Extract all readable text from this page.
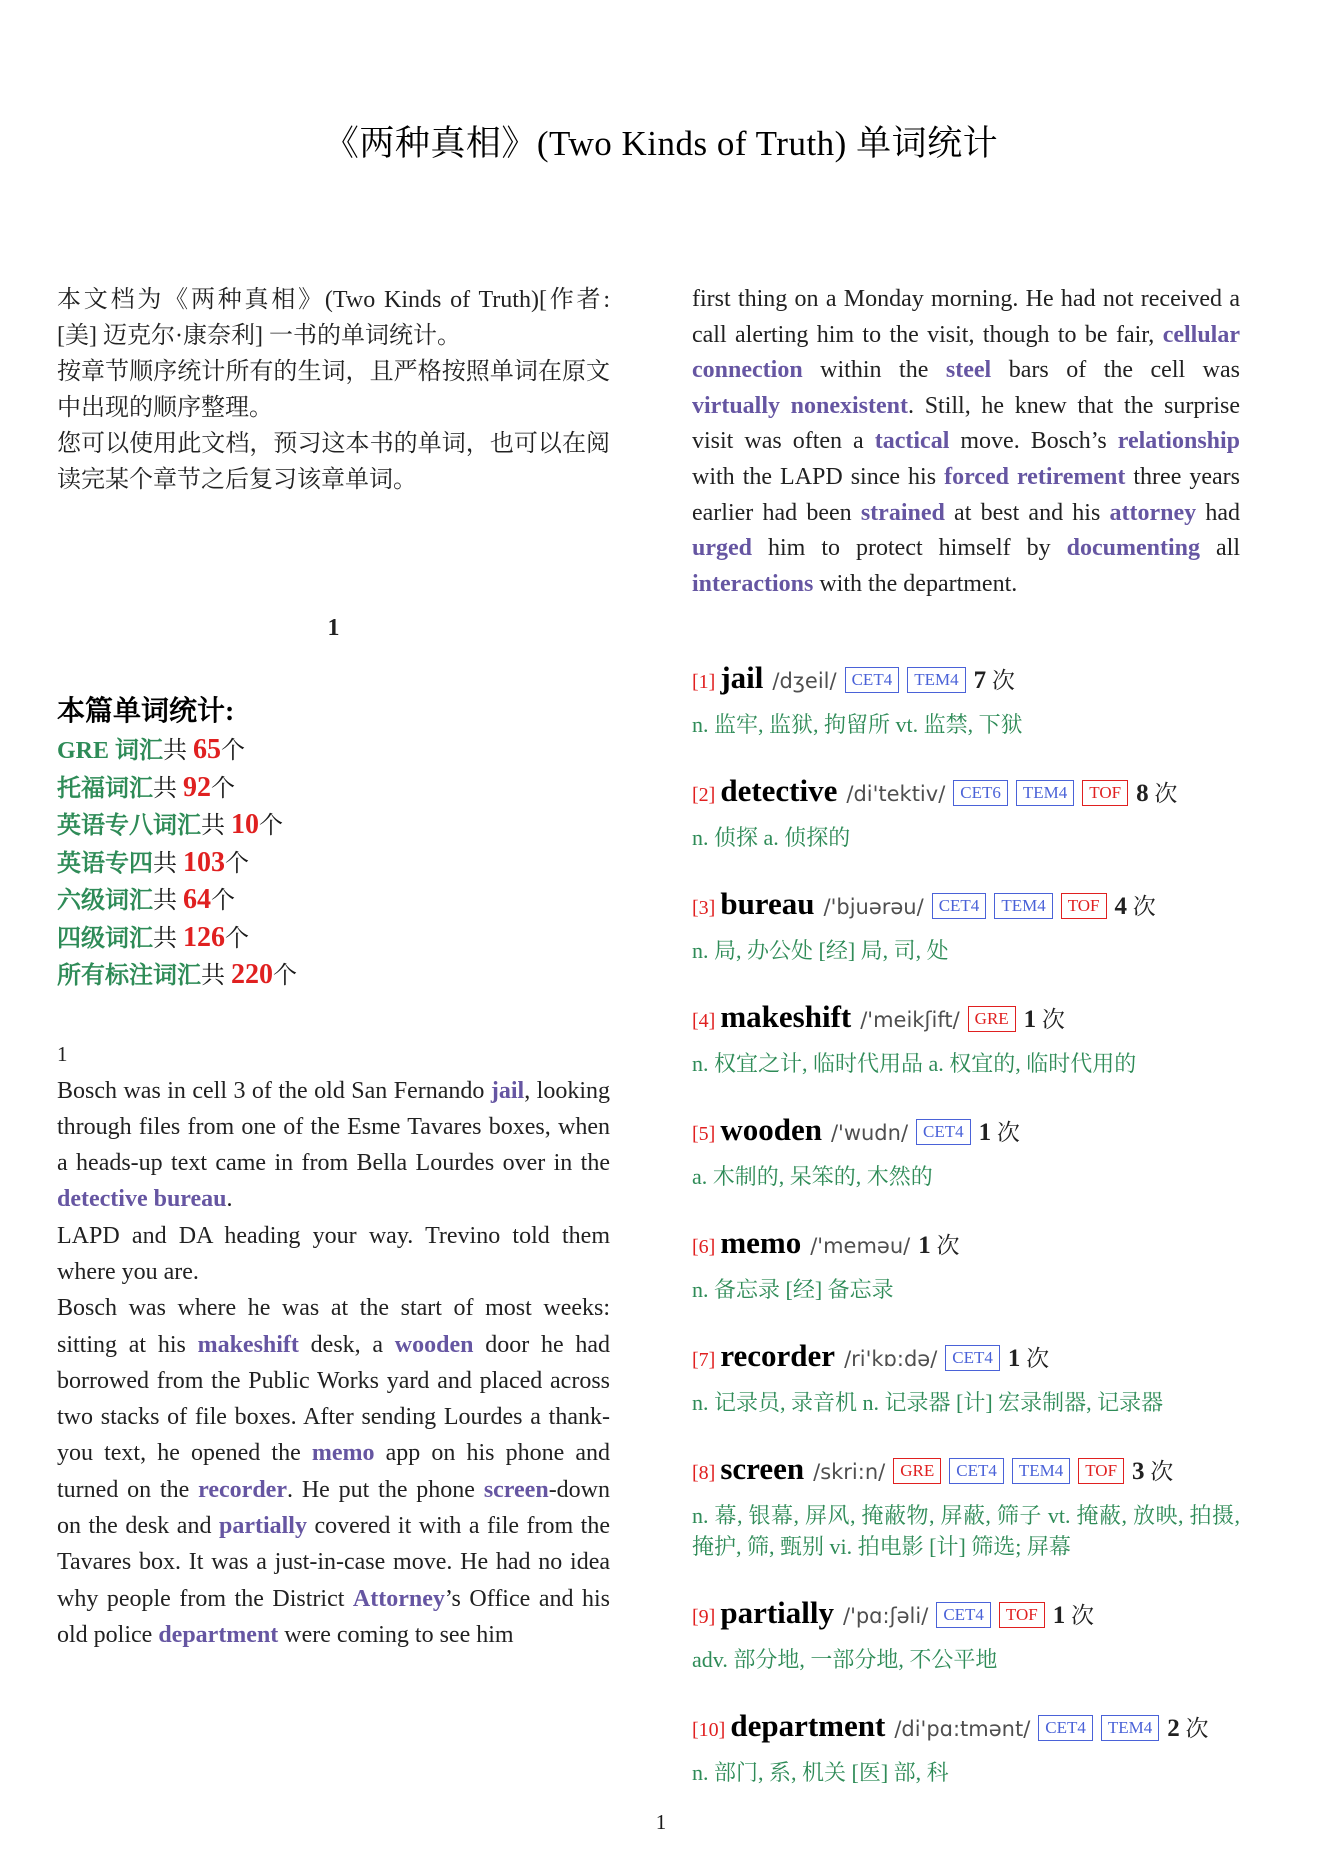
《两种真相》(Two Kinds of Truth) 单词统计

本文档为《两种真相》(Two Kinds of Truth)[作者: [美] 迈克尔·康奈利] 一书的单词统计。

按章节顺序统计所有的生词，且严格按照单词在原文中出现的顺序整理。

您可以使用此文档，预习这本书的单词，也可以在阅读完某个章节之后复习该章单词。

1
本篇单词统计:
GRE 词汇共 65个
托福词汇共 92个
英语专八词汇共 10个
英语专四共 103个
六级词汇共 64个
四级词汇共 126个
所有标注词汇共 220个
1
Bosch was in cell 3 of the old San Fernando jail, looking through files from one of the Esme Tavares boxes, when a heads-up text came in from Bella Lourdes over in the detective bureau.
LAPD and DA heading your way. Trevino told them where you are.
Bosch was where he was at the start of most weeks: sitting at his makeshift desk, a wooden door he had borrowed from the Public Works yard and placed across two stacks of file boxes. After sending Lourdes a thank-you text, he opened the memo app on his phone and turned on the recorder. He put the phone screen-down on the desk and partially covered it with a file from the Tavares box. It was a just-in-case move. He had no idea why people from the District Attorney’s Office and his old police department were coming to see him
first thing on a Monday morning. He had not received a call alerting him to the visit, though to be fair, cellular connection within the steel bars of the cell was virtually nonexistent. Still, he knew that the surprise visit was often a tactical move. Bosch’s relationship with the LAPD since his forced retirement three years earlier had been strained at best and his attorney had urged him to protect himself by documenting all interactions with the department.
[1] jail /dʒeil/ CET4 TEM4 7 次
n. 监牢, 监狱, 拘留所 vt. 监禁, 下狱
[2] detective /di'tektiv/ CET6 TEM4 TOF 8 次
n. 侦探 a. 侦探的
[3] bureau /'bjuərəu/ CET4 TEM4 TOF 4 次
n. 局, 办公处 [经] 局, 司, 处
[4] makeshift /'meikʃift/ GRE 1 次
n. 权宜之计, 临时代用品 a. 权宜的, 临时代用的
[5] wooden /'wudn/ CET4 1 次
a. 木制的, 呆笨的, 木然的
[6] memo /'meməu/ 1 次
n. 备忘录 [经] 备忘录
[7] recorder /ri'kɒ:də/ CET4 1 次
n. 记录员, 录音机 n. 记录器 [计] 宏录制器, 记录器
[8] screen /skri:n/ GRE CET4 TEM4 TOF 3 次
n. 幕, 银幕, 屏风, 掩蔽物, 屏蔽, 筛子 vt. 掩蔽, 放映, 拍摄, 掩护, 筛, 甄别 vi. 拍电影 [计] 筛选; 屏幕
[9] partially /'pɑ:ʃəli/ CET4 TOF 1 次
adv. 部分地, 一部分地, 不公平地
[10] department /di'pɑ:tmənt/ CET4 TEM4 2 次
n. 部门, 系, 机关 [医] 部, 科
1
